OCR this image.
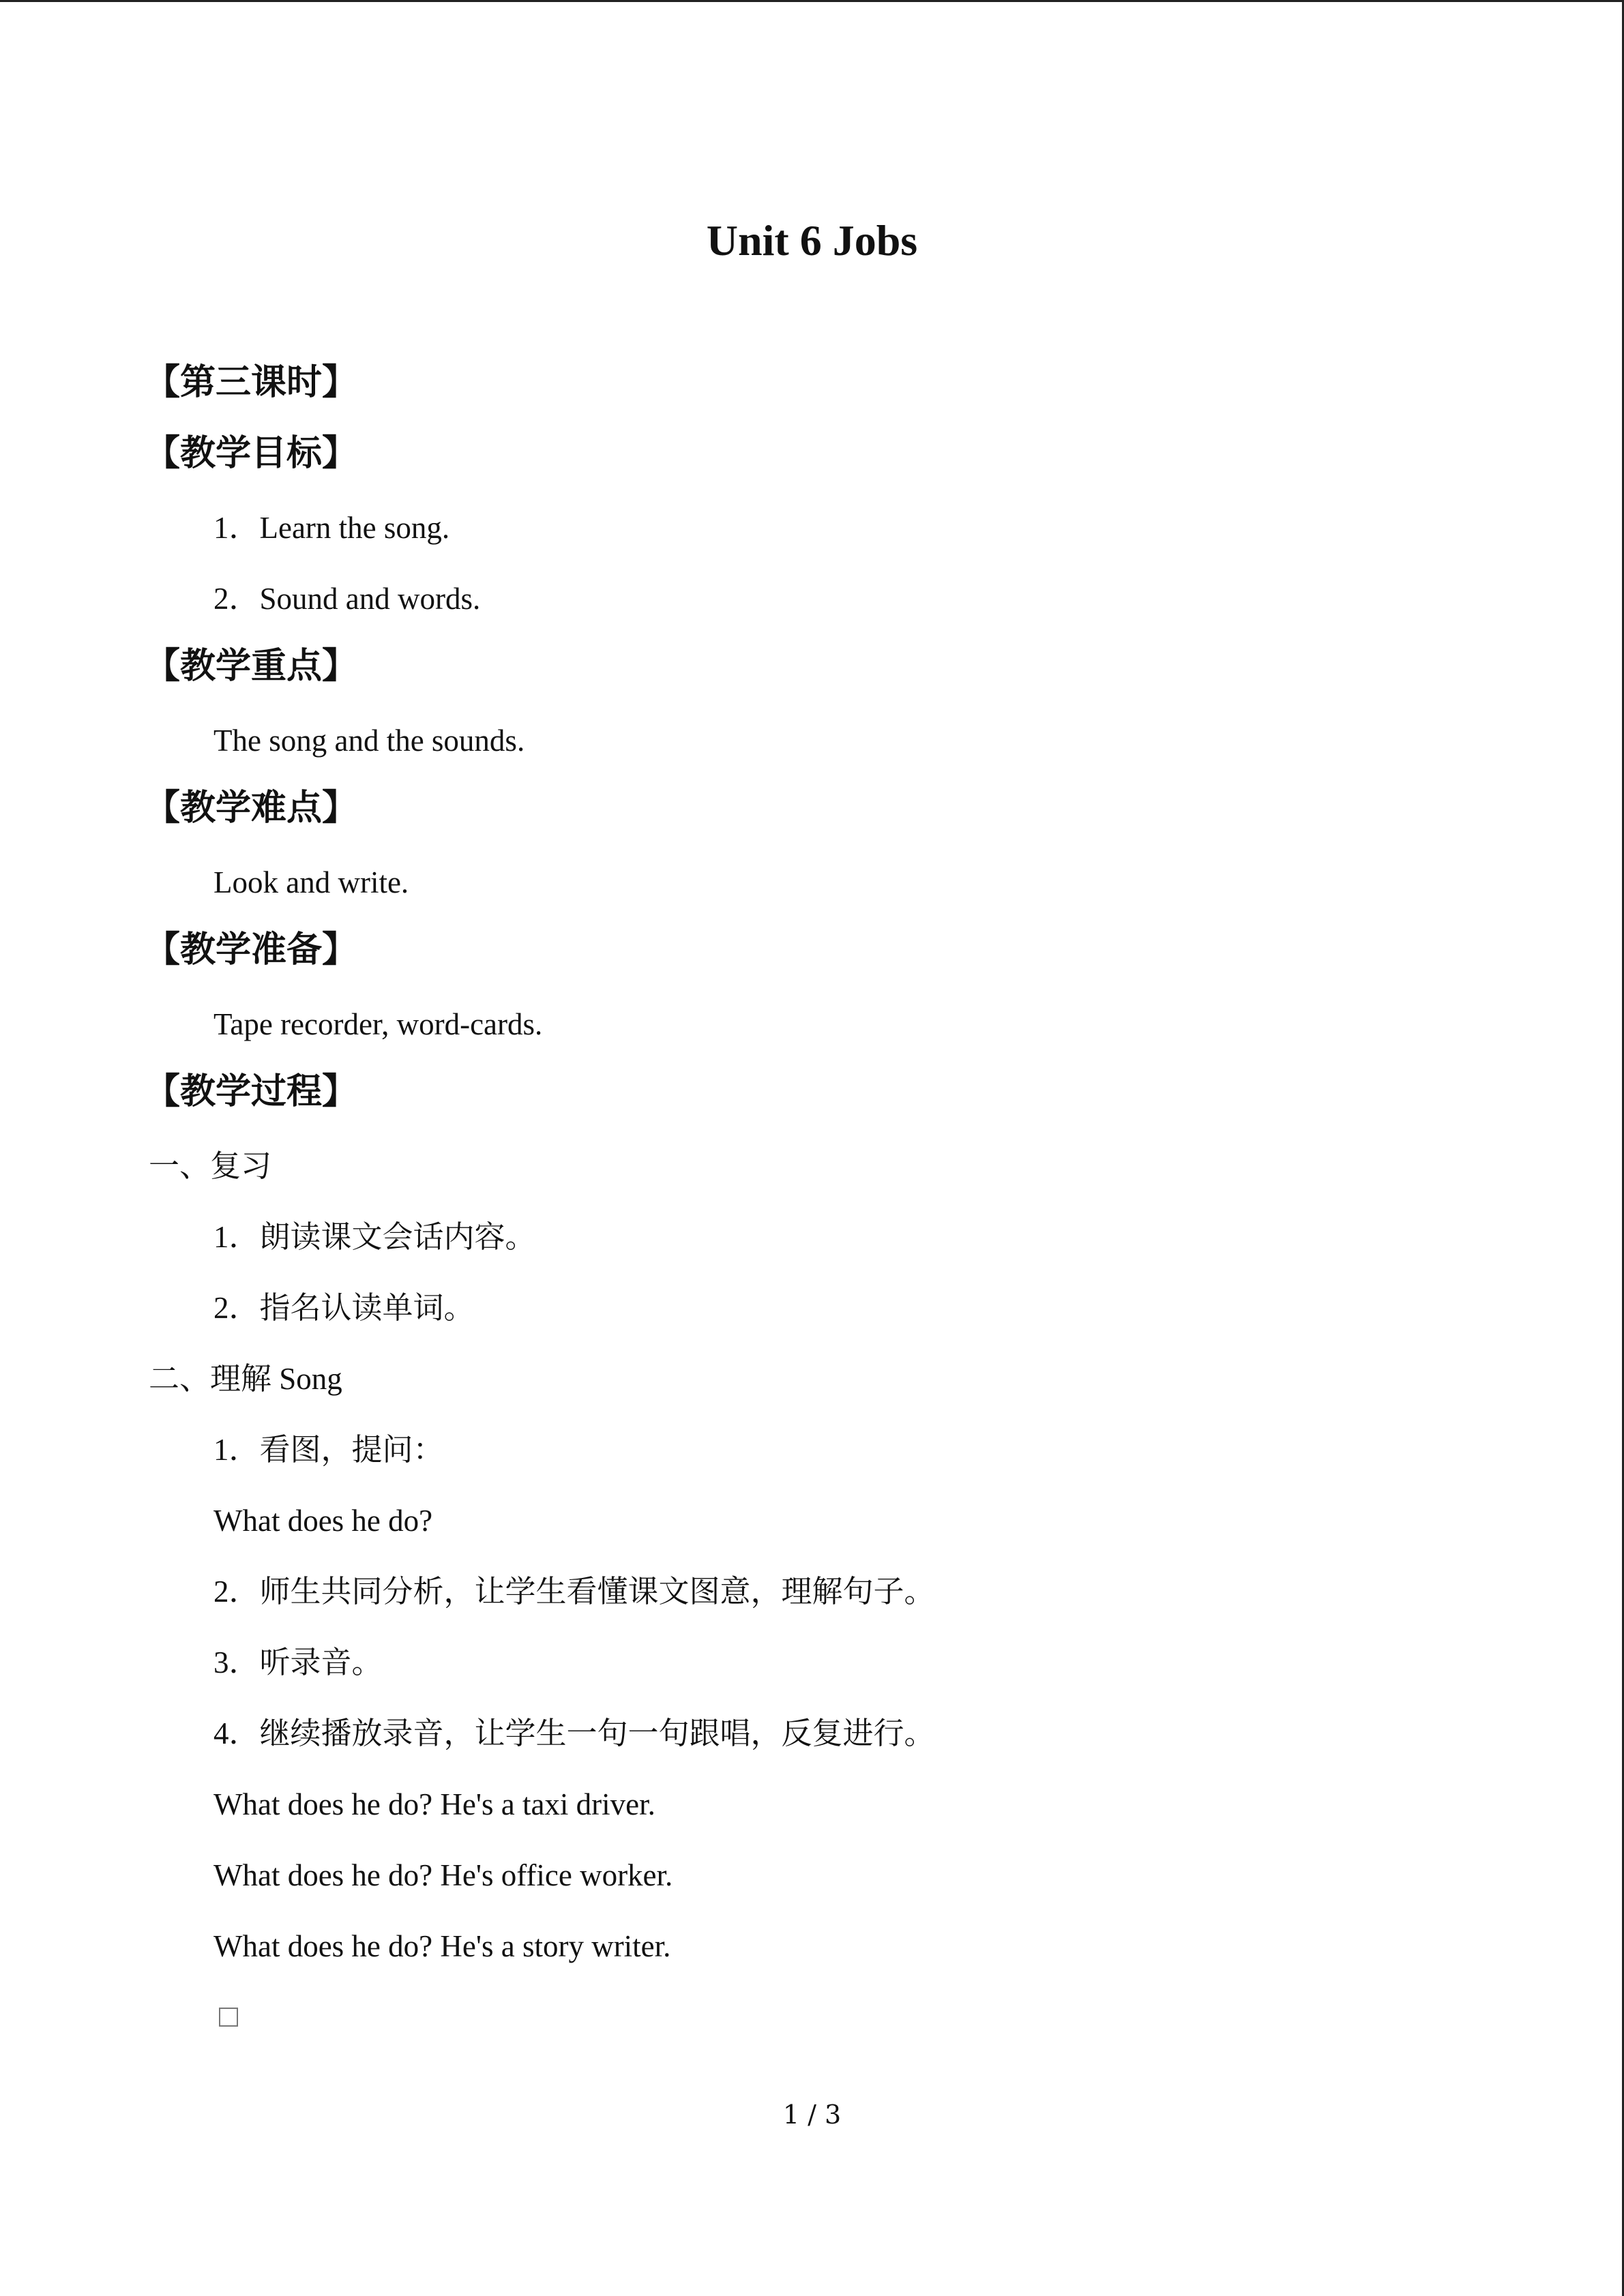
Unit 6 Jobs
【第三课时】
【教学目标】
1．Learn the song.
2．Sound and words.
【教学重点】
The song and the sounds.
【教学难点】
Look and write.
【教学准备】
Tape recorder, word-cards.
【教学过程】
一、复习
1．朗读课文会话内容。
2．指名认读单词。
二、理解 Song
1．看图，提问：
What does he do?
2．师生共同分析，让学生看懂课文图意，理解句子。
3．听录音。
4．继续播放录音，让学生一句一句跟唱，反复进行。
What does he do? He's a taxi driver.
What does he do? He's office worker.
What does he do? He's a story writer.
1 / 3
